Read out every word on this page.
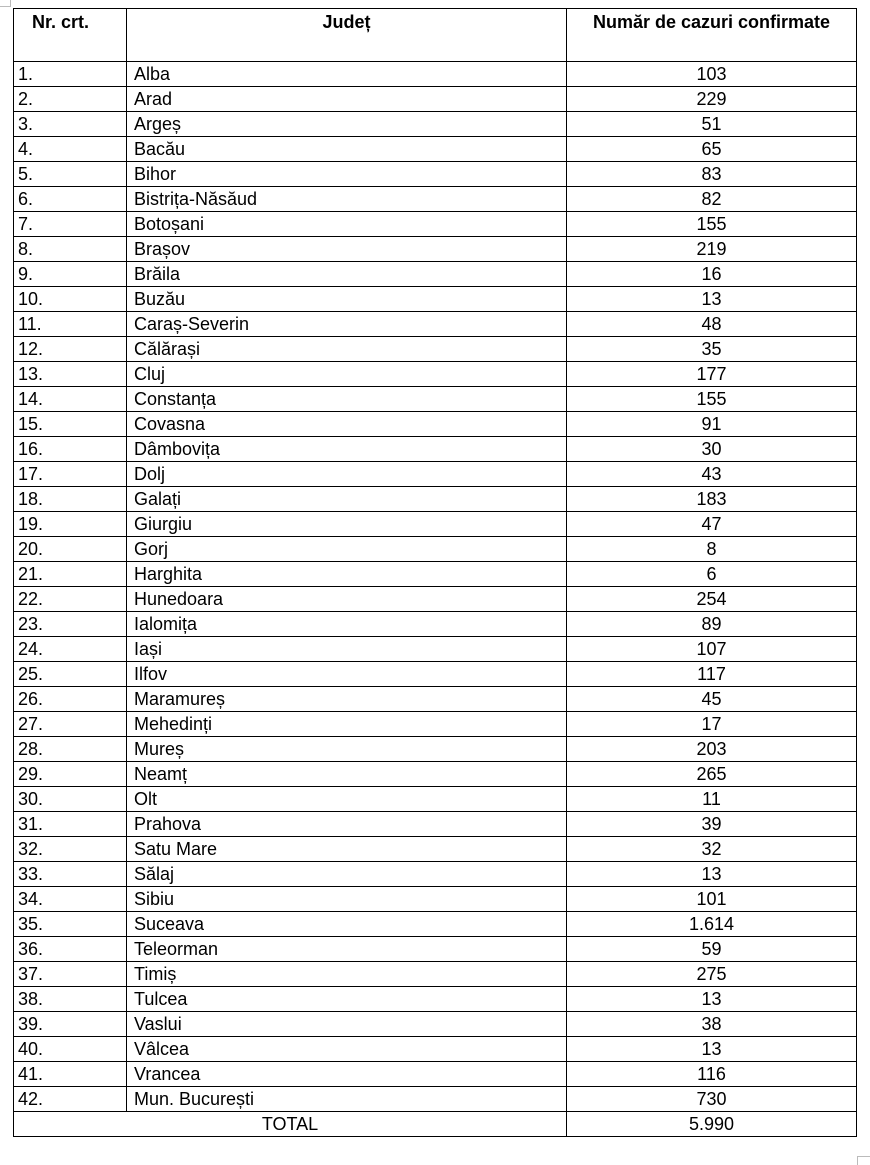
Nr. crt.	Județ	Număr de cazuri confirmate
1.	Alba	103
2.	Arad	229
3.	Argeș	51
4.	Bacău	65
5.	Bihor	83
6.	Bistrița-Năsăud	82
7.	Botoșani	155
8.	Brașov	219
9.	Brăila	16
10.	Buzău	13
11.	Caraș-Severin	48
12.	Călărași	35
13.	Cluj	177
14.	Constanța	155
15.	Covasna	91
16.	Dâmbovița	30
17.	Dolj	43
18.	Galați	183
19.	Giurgiu	47
20.	Gorj	8
21.	Harghita	6
22.	Hunedoara	254
23.	Ialomița	89
24.	Iași	107
25.	Ilfov	117
26.	Maramureș	45
27.	Mehedinți	17
28.	Mureș	203
29.	Neamț	265
30.	Olt	11
31.	Prahova	39
32.	Satu Mare	32
33.	Sălaj	13
34.	Sibiu	101
35.	Suceava	1.614
36.	Teleorman	59
37.	Timiș	275
38.	Tulcea	13
39.	Vaslui	38
40.	Vâlcea	13
41.	Vrancea	116
42.	Mun. București	730
TOTAL		5.990
